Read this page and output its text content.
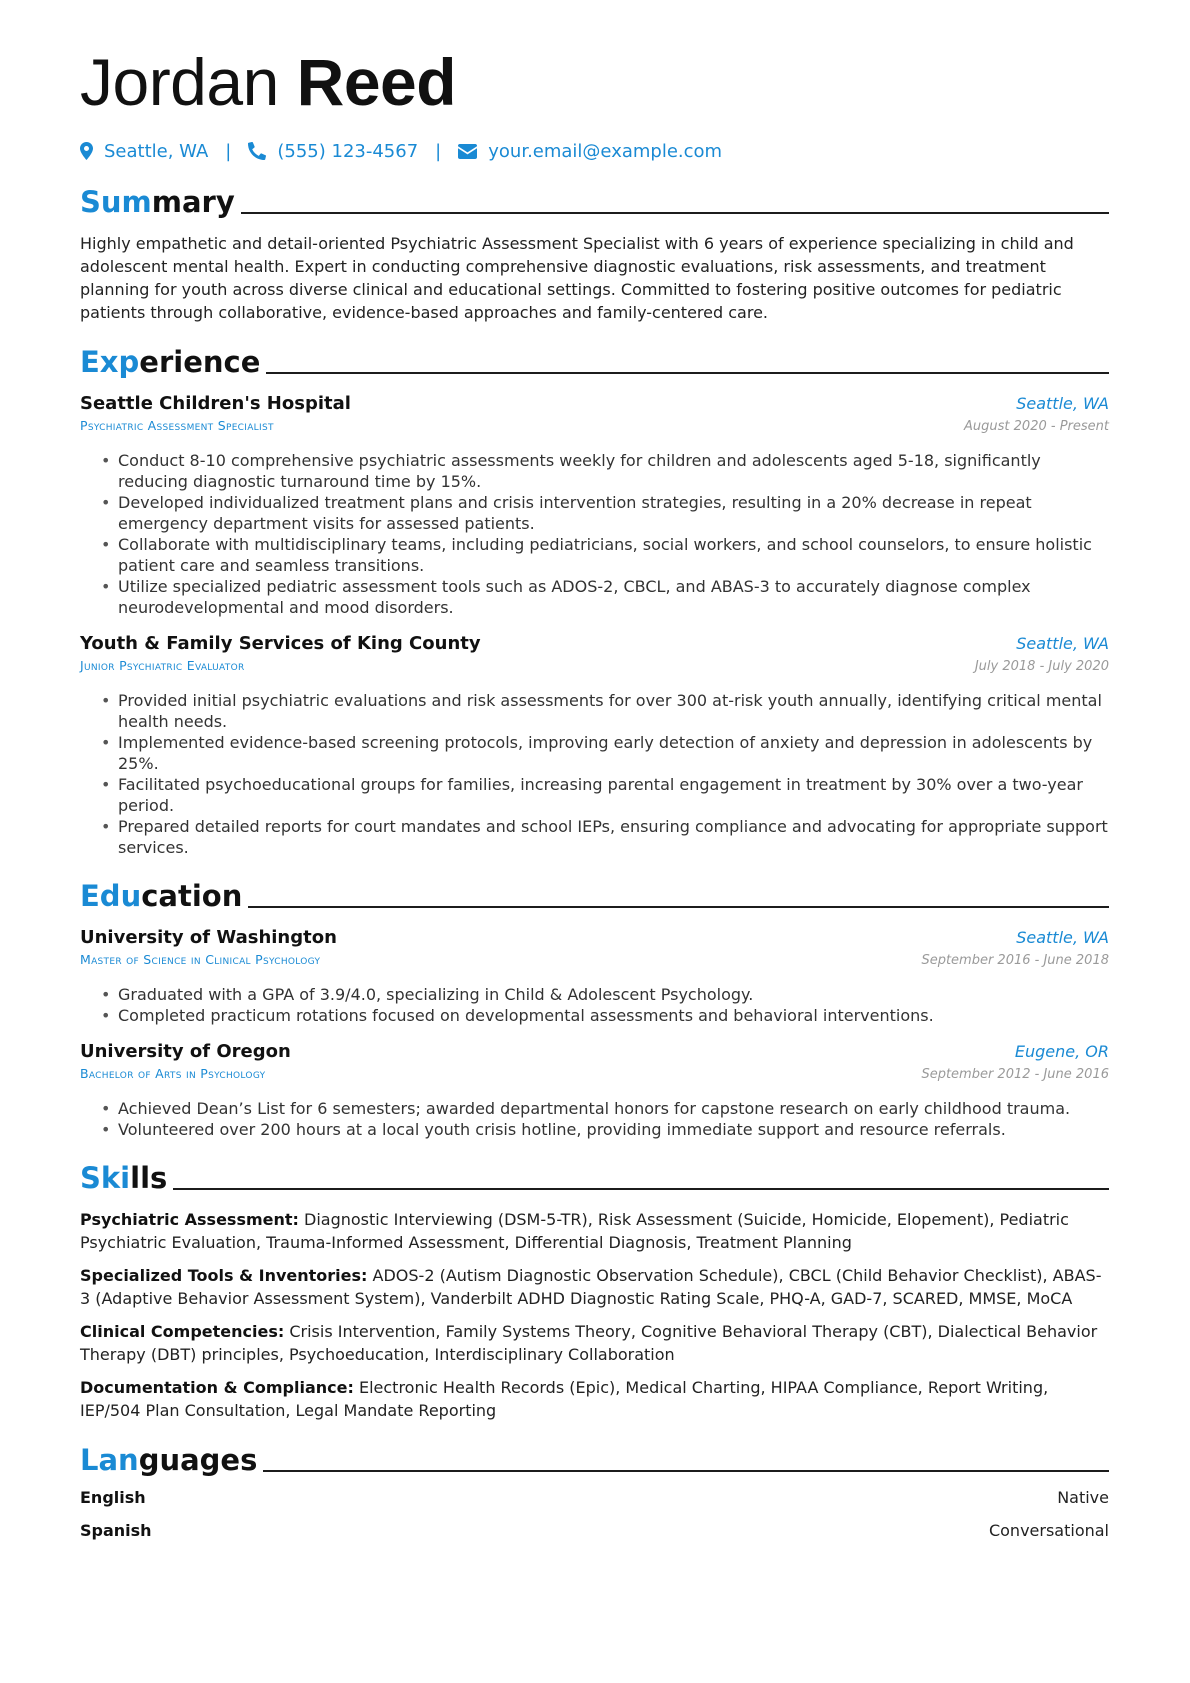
Jordan Reed
Seattle, WA |	(555) 123-4567 |	your.email@example.com
Summary

Highly empathetic and detail-oriented Psychiatric Assessment Specialist with 6 years of experience specializing in child and adolescent mental health. Expert in conducting comprehensive diagnostic evaluations, risk assessments, and treatment planning for youth across diverse clinical and educational settings. Committed to fostering positive outcomes for pediatric patients through collaborative, evidence-based approaches and family-centered care.

Experience
Seattle Children's Hospital	Seattle, WA
Psychiatric Assessment Specialist	August 2020 - Present
• Conduct 8-10 comprehensive psychiatric assessments weekly for children and adolescents aged 5-18, significantly reducing diagnostic turnaround time by 15%.
• Developed individualized treatment plans and crisis intervention strategies, resulting in a 20% decrease in repeat emergency department visits for assessed patients.
• Collaborate with multidisciplinary teams, including pediatricians, social workers, and school counselors, to ensure holistic patient care and seamless transitions.
• Utilize specialized pediatric assessment tools such as ADOS-2, CBCL, and ABAS-3 to accurately diagnose complex neurodevelopmental and mood disorders.
Youth & Family Services of King County	Seattle, WA
Junior Psychiatric Evaluator	July 2018 - July 2020
• Provided initial psychiatric evaluations and risk assessments for over 300 at-risk youth annually, identifying critical mental health needs.
• Implemented evidence-based screening protocols, improving early detection of anxiety and depression in adolescents by 25%.
• Facilitated psychoeducational groups for families, increasing parental engagement in treatment by 30% over a two-year period.
• Prepared detailed reports for court mandates and school IEPs, ensuring compliance and advocating for appropriate support services.
Education
University of Washington	Seattle, WA
Master of Science in Clinical Psychology	September 2016 - June 2018
• Graduated with a GPA of 3.9/4.0, specializing in Child & Adolescent Psychology.
• Completed practicum rotations focused on developmental assessments and behavioral interventions.
University of Oregon	Eugene, OR
Bachelor of Arts in Psychology	September 2012 - June 2016
• Achieved Dean’s List for 6 semesters; awarded departmental honors for capstone research on early childhood trauma.
• Volunteered over 200 hours at a local youth crisis hotline, providing immediate support and resource referrals.
Skills

Psychiatric Assessment: Diagnostic Interviewing (DSM-5-TR), Risk Assessment (Suicide, Homicide, Elopement), Pediatric Psychiatric Evaluation, Trauma-Informed Assessment, Differential Diagnosis, Treatment Planning

Specialized Tools & Inventories: ADOS-2 (Autism Diagnostic Observation Schedule), CBCL (Child Behavior Checklist), ABAS-3 (Adaptive Behavior Assessment System), Vanderbilt ADHD Diagnostic Rating Scale, PHQ-A, GAD-7, SCARED, MMSE, MoCA

Clinical Competencies: Crisis Intervention, Family Systems Theory, Cognitive Behavioral Therapy (CBT), Dialectical Behavior Therapy (DBT) principles, Psychoeducation, Interdisciplinary Collaboration

Documentation & Compliance: Electronic Health Records (Epic), Medical Charting, HIPAA Compliance, Report Writing, IEP/504 Plan Consultation, Legal Mandate Reporting

Languages
English	Native
Spanish	Conversational
